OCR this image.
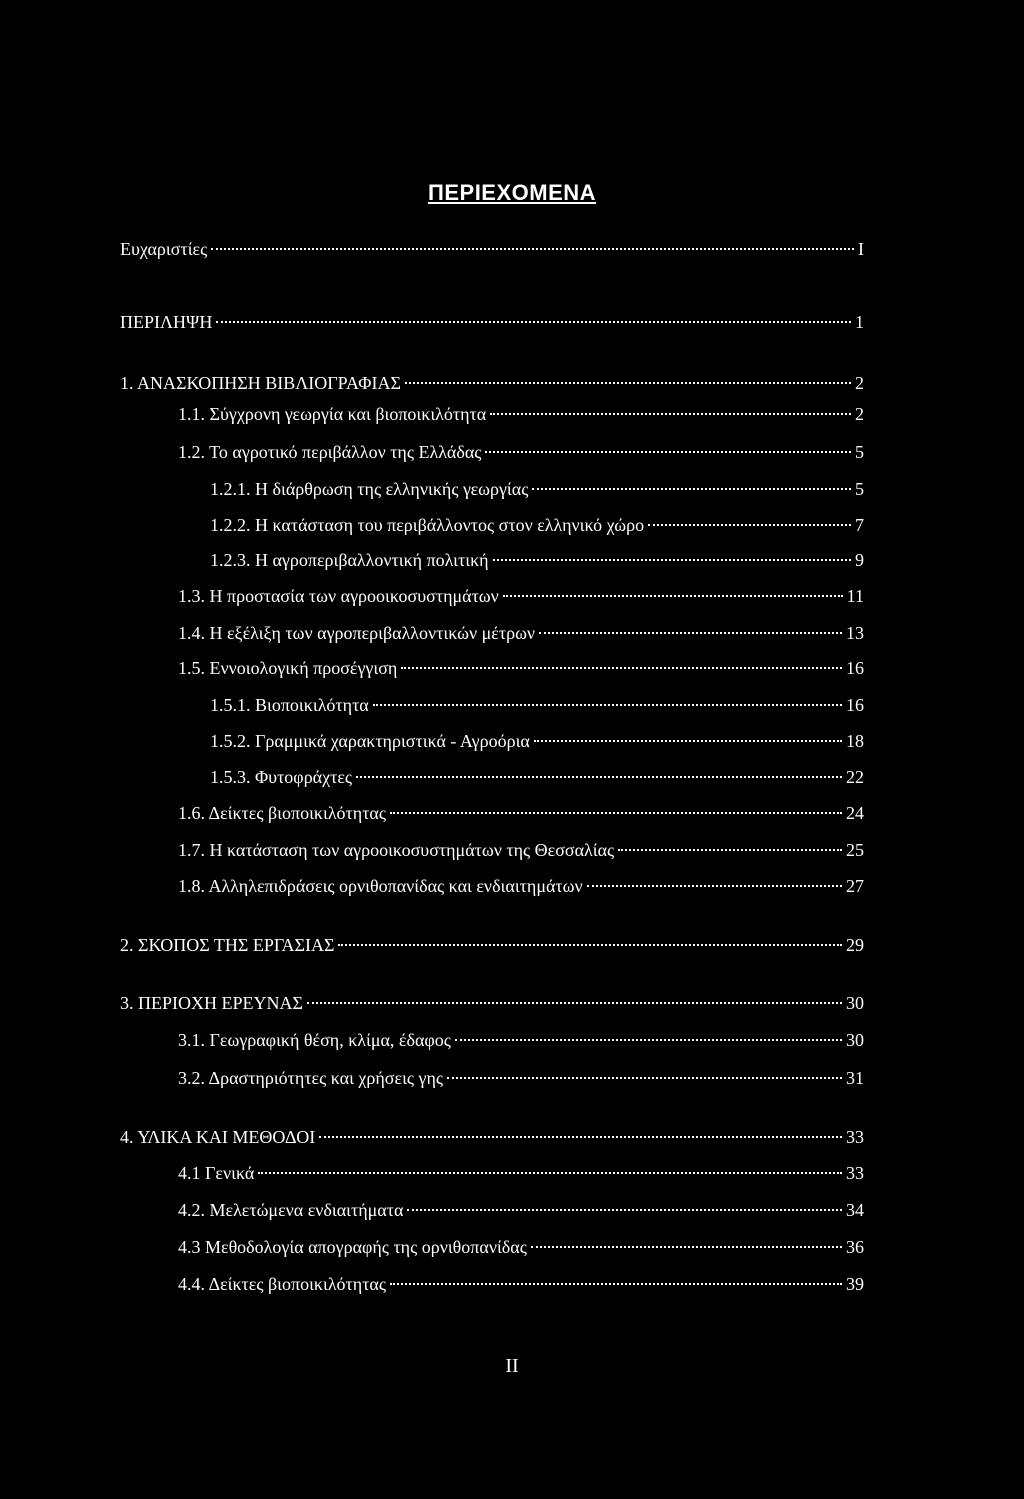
ΠΕΡΙΕΧΟΜΕΝΑ
Ευχαριστίες	I
ΠΕΡΙΛΗΨΗ	1
1. ΑΝΑΣΚΟΠΗΣΗ ΒΙΒΛΙΟΓΡΑΦΙΑΣ	2
1.1. Σύγχρονη γεωργία και βιοποικιλότητα	2
1.2. Το αγροτικό περιβάλλον της Ελλάδας	5
1.2.1. Η διάρθρωση της ελληνικής γεωργίας	5
1.2.2. Η κατάσταση του περιβάλλοντος στον ελληνικό χώρο	7
1.2.3. Η αγροπεριβαλλοντική πολιτική	9
1.3. Η προστασία των αγροοικοσυστημάτων	11
1.4. Η εξέλιξη των αγροπεριβαλλοντικών μέτρων	13
1.5. Εννοιολογική προσέγγιση	16
1.5.1. Βιοποικιλότητα	16
1.5.2. Γραμμικά χαρακτηριστικά - Αγροόρια	18
1.5.3. Φυτοφράχτες	22
1.6. Δείκτες βιοποικιλότητας	24
1.7. Η κατάσταση των αγροοικοσυστημάτων της Θεσσαλίας	25
1.8. Αλληλεπιδράσεις ορνιθοπανίδας και ενδιαιτημάτων	27
2. ΣΚΟΠΟΣ ΤΗΣ ΕΡΓΑΣΙΑΣ	29
3. ΠΕΡΙΟΧΗ ΕΡΕΥΝΑΣ	30
3.1. Γεωγραφική θέση, κλίμα, έδαφος	30
3.2. Δραστηριότητες και χρήσεις γης	31
4. ΥΛΙΚΑ ΚΑΙ ΜΕΘΟΔΟΙ	33
4.1 Γενικά	33
4.2. Μελετώμενα ενδιαιτήματα	34
4.3 Μεθοδολογία απογραφής της ορνιθοπανίδας	36
4.4. Δείκτες βιοποικιλότητας	39
II
